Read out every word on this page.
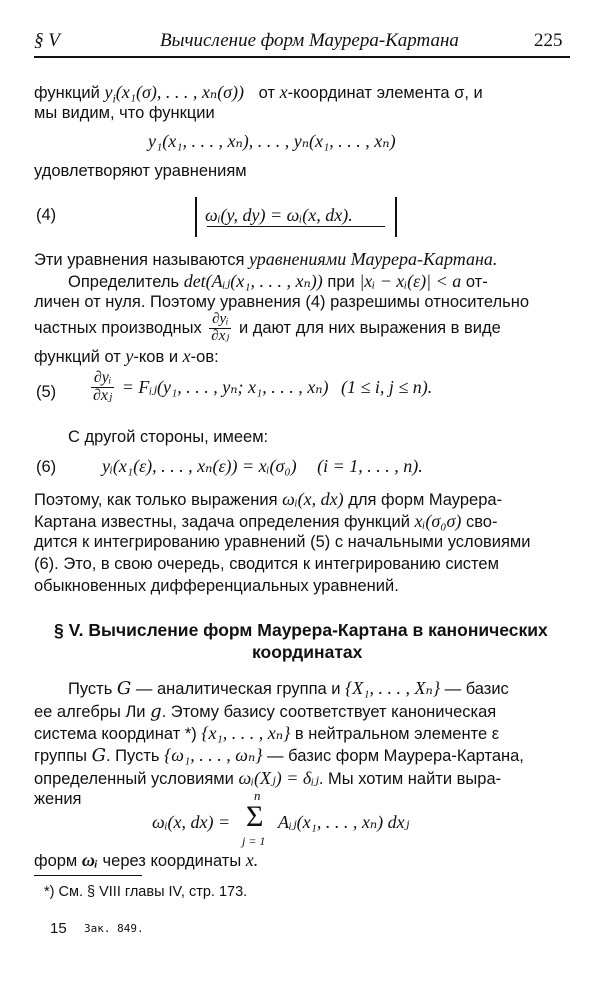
§ V	Вычисление форм Маурера-Картана	225
функций $y_i(x_1(\sigma)$, . . . , xₙ(σ)) от x-координат элемента σ, и
мы видим, что функции
y₁(x₁, . . . , xₙ), . . . , yₙ(x₁, . . . , xₙ)
удовлетворяют уравнениям
(4)	ωᵢ(y, dy) = ωᵢ(x, dx).
Эти уравнения называются уравнениями Маурера-Картана.
Определитель det(Aᵢⱼ(x₁, . . . , xₙ)) при |xᵢ − xᵢ(ε)| < a от-
личен от нуля. Поэтому уравнения (4) разрешимы относительно
частных производных $\frac{\text{∂yᵢ}}{\text{∂xⱼ}}$ и дают для них выражения в виде
функций от y-ков и x-ов:
$(5) \frac{\text{∂yᵢ}}{\text{∂xⱼ}}$ = Fᵢⱼ(y₁, . . . , yₙ; x₁, . . . , xₙ) (1 ≤ i, j ≤ n).
С другой стороны, имеем:
(6)	yᵢ(x₁(ε), . . . , xₙ(ε)) = xᵢ(σ₀) (i = 1, . . . , n).
Поэтому, как только выражения ωᵢ(x, dx) для форм Маурера-
Картана известны, задача определения функций xᵢ(σ₀σ) сво-
дится к интегрированию уравнений (5) с начальными условиями
(6). Это, в свою очередь, сводится к интегрированию систем
обыкновенных дифференциальных уравнений.
§ V. Вычисление форм Маурера-Картана в канонических
координатах
Пусть G — аналитическая группа и {X₁, . . . , Xₙ} — базис
ее алгебры Ли g. Этому базису соответствует каноническая
система координат *) {x₁, . . . , xₙ} в нейтральном элементе ε
группы G. Пусть {ω₁, . . . , ωₙ} — базис форм Маурера-Картана,
определенный условиями ωᵢ(Xⱼ) = δᵢⱼ. Мы хотим найти выра-
жения
ωᵢ(x, dx) =
n
Σ
j = 1
Aᵢⱼ(x₁, . . . , xₙ) dxⱼ
форм ωᵢ через координаты x.
*) См. § VIII главы IV, стр. 173.
15 Зак. 849.
